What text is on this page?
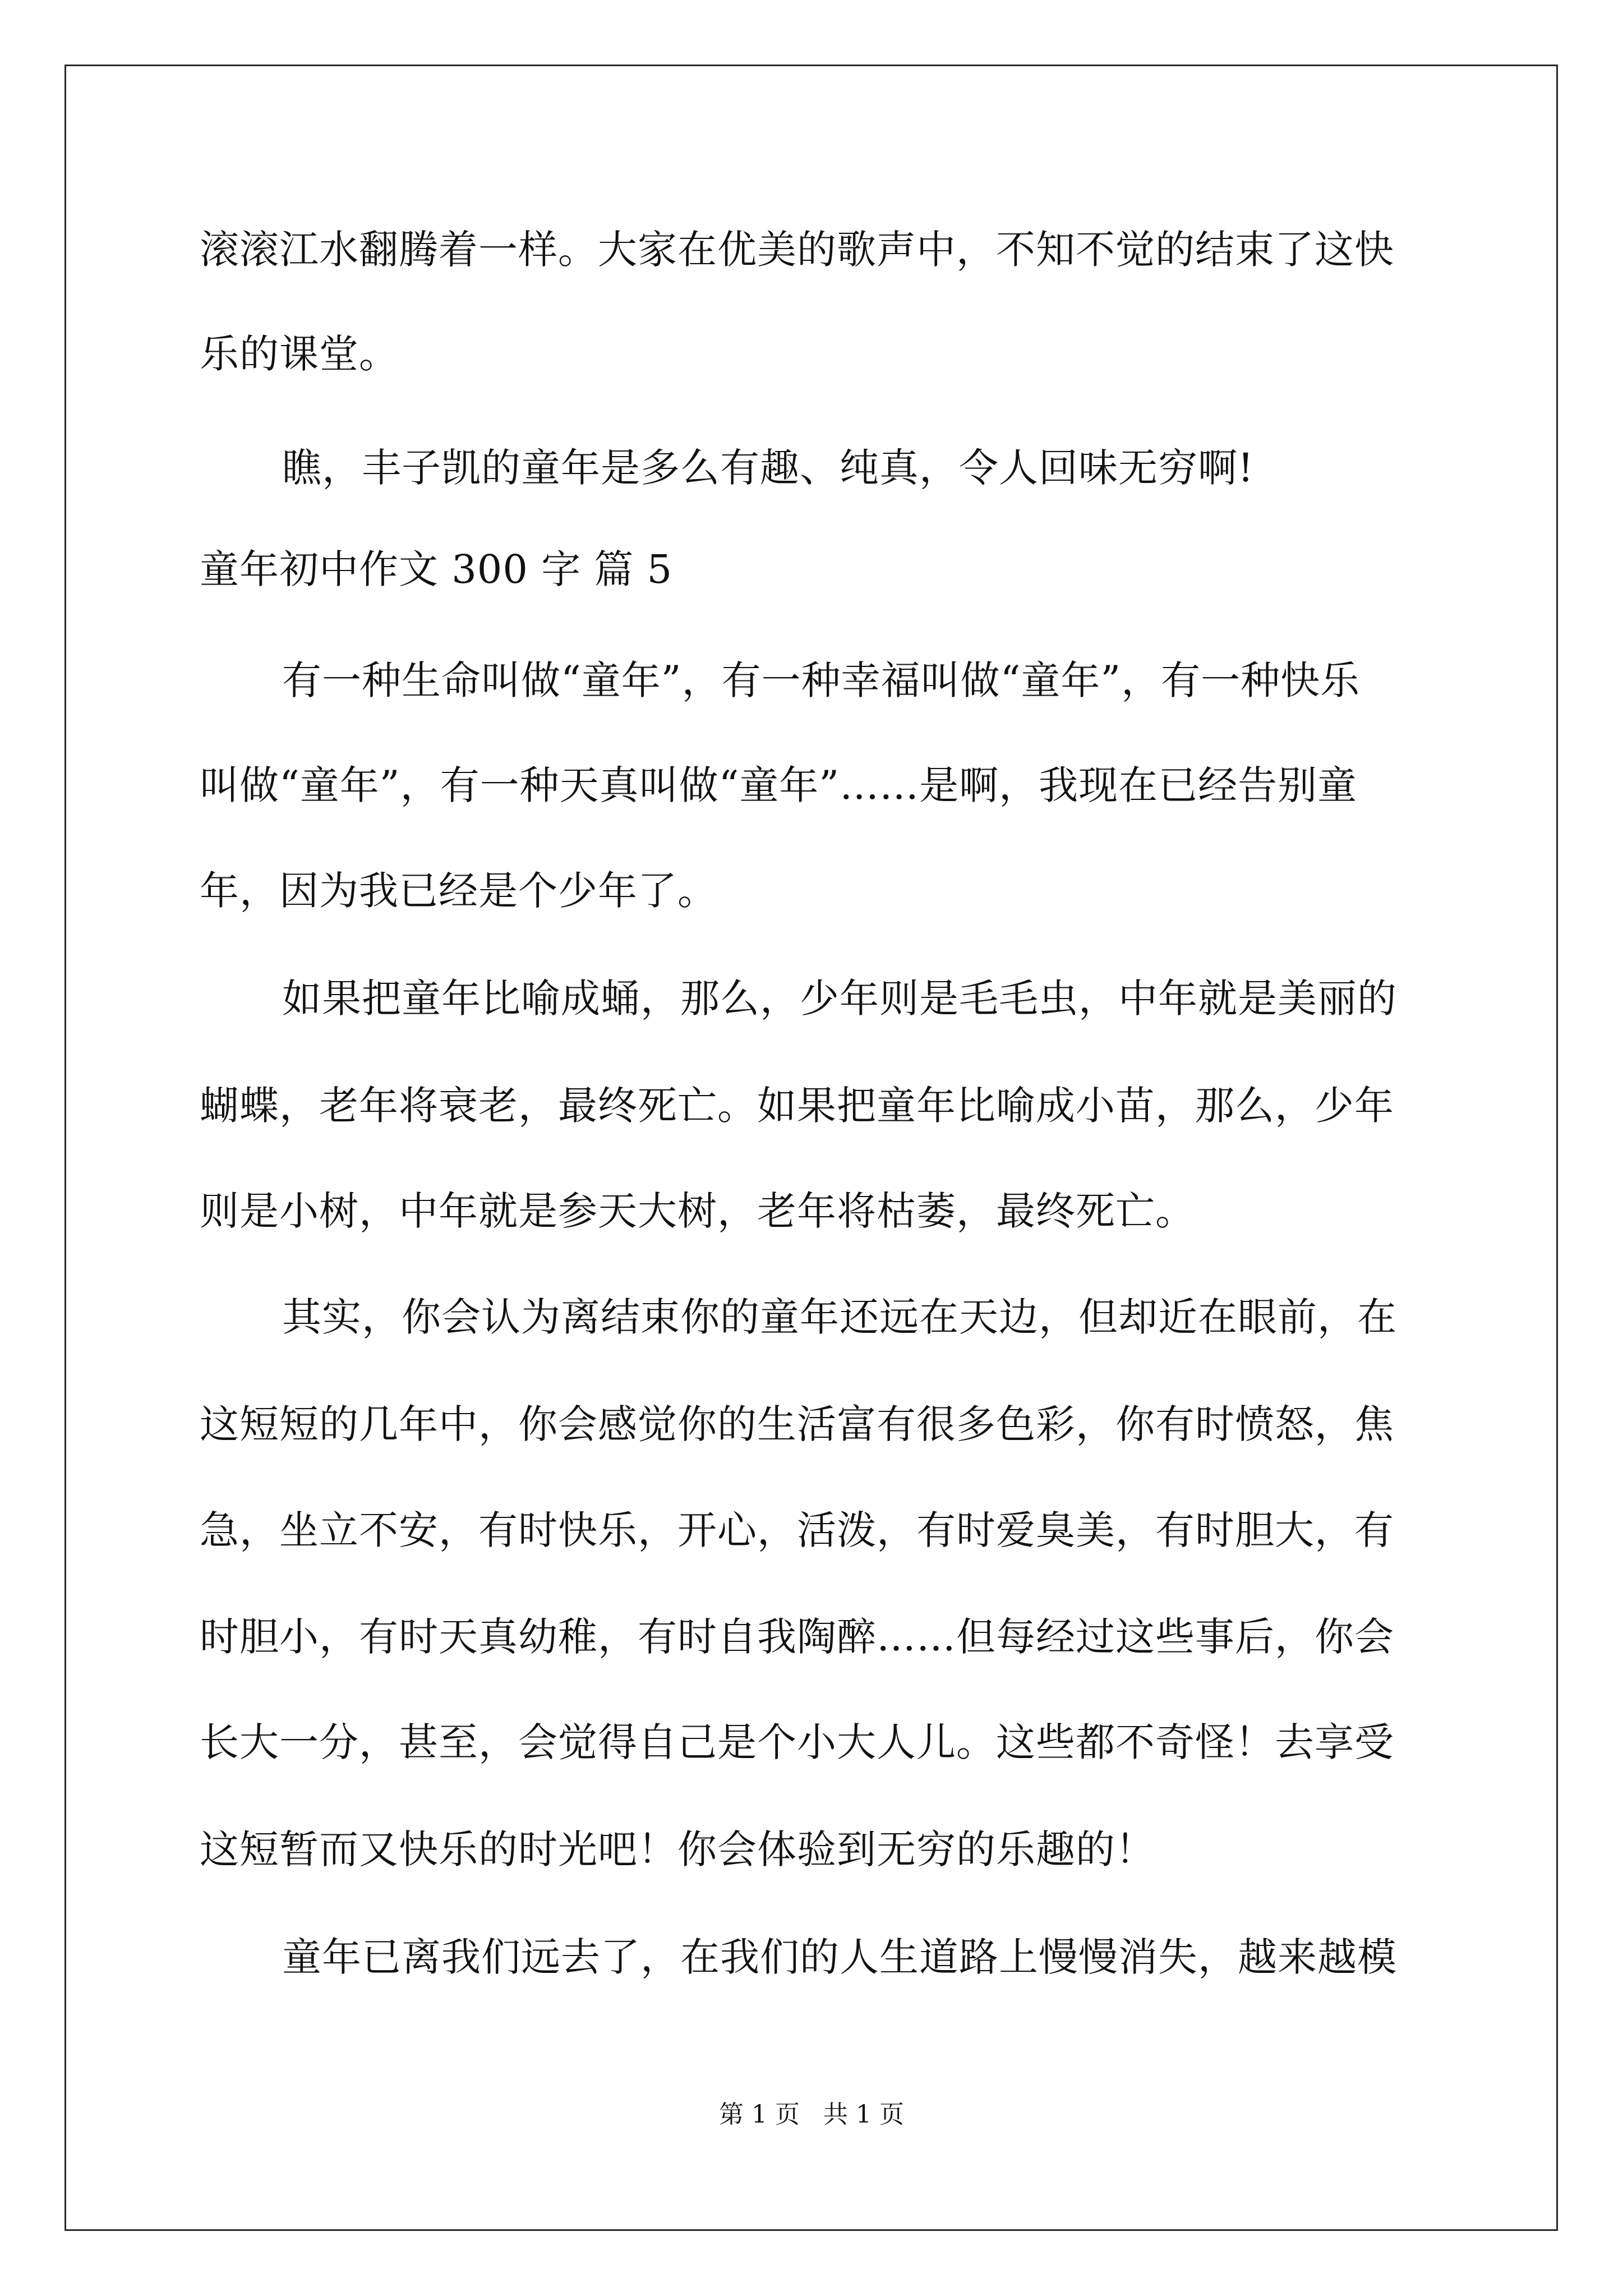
滚滚江水翻腾着一样。大家在优美的歌声中，不知不觉的结束了这快
乐的课堂。
瞧，丰子凯的童年是多么有趣、纯真，令人回味无穷啊!
童年初中作文 300 字 篇 5
有一种生命叫做“童年”，有一种幸福叫做“童年”，有一种快乐
叫做“童年”，有一种天真叫做“童年”……是啊，我现在已经告别童
年，因为我已经是个少年了。
如果把童年比喻成蛹，那么，少年则是毛毛虫，中年就是美丽的
蝴蝶，老年将衰老，最终死亡。如果把童年比喻成小苗，那么，少年
则是小树，中年就是参天大树，老年将枯萎，最终死亡。
其实，你会认为离结束你的童年还远在天边，但却近在眼前，在
这短短的几年中，你会感觉你的生活富有很多色彩，你有时愤怒，焦
急，坐立不安，有时快乐，开心，活泼，有时爱臭美，有时胆大，有
时胆小，有时天真幼稚，有时自我陶醉……但每经过这些事后，你会
长大一分，甚至，会觉得自己是个小大人儿。这些都不奇怪！去享受
这短暂而又快乐的时光吧！你会体验到无穷的乐趣的！
童年已离我们远去了，在我们的人生道路上慢慢消失，越来越模
第 1 页   共 1 页
